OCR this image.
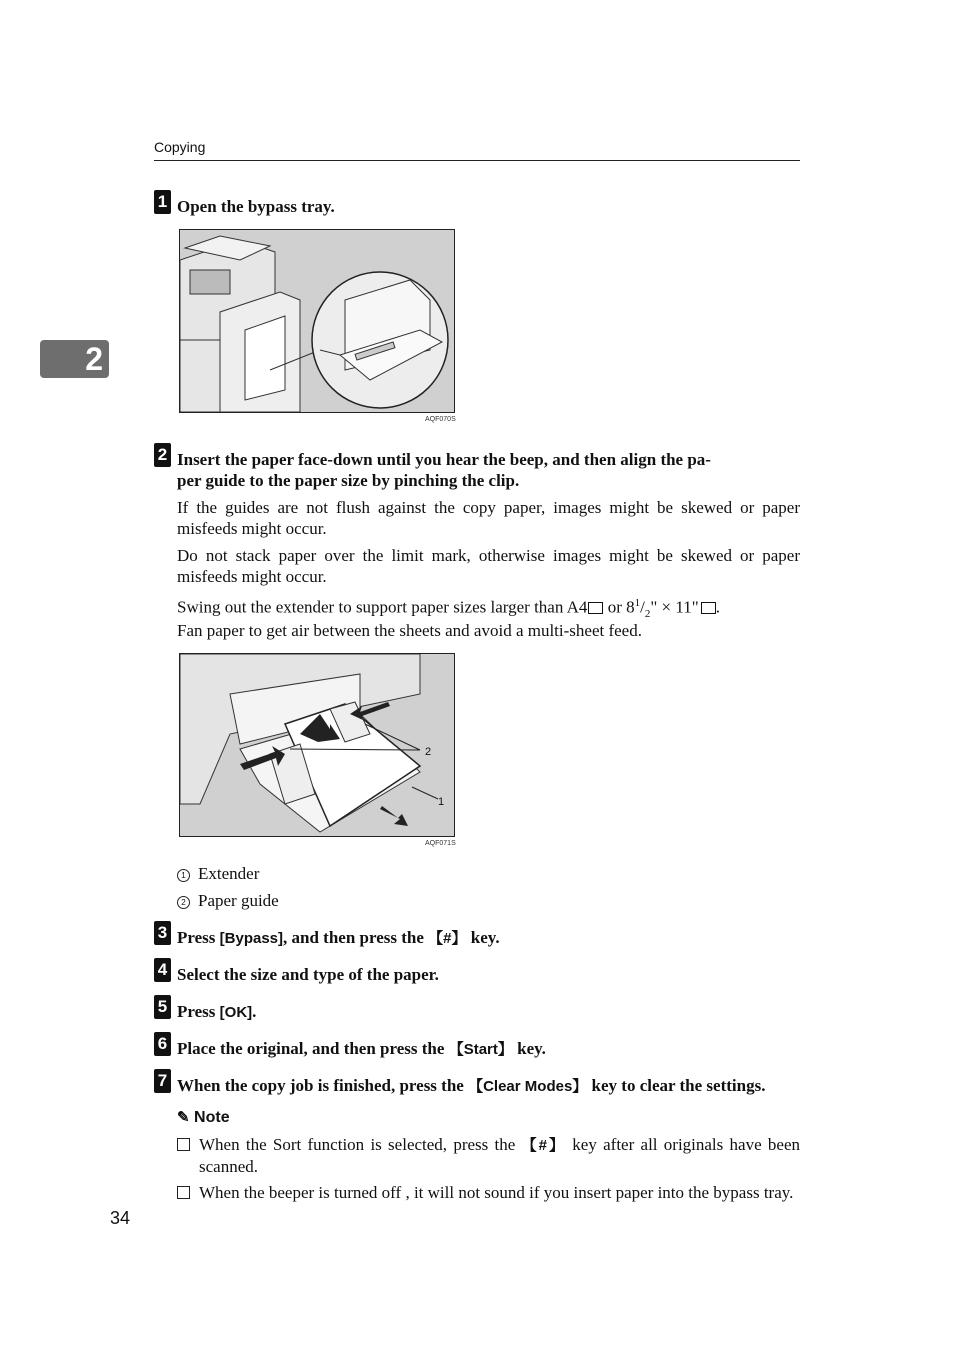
Copying
2
1 Open the bypass tray.
AQF070S
2 Insert the paper face-down until you hear the beep, and then align the pa-
per guide to the paper size by pinching the clip.
If the guides are not flush against the copy paper, images might be skewed or paper misfeeds might occur.
Do not stack paper over the limit mark, otherwise images might be skewed or paper misfeeds might occur.
Swing out the extender to support paper sizes larger than A4 or $8^1/_2$" × 11" .
Fan paper to get air between the sheets and avoid a multi-sheet feed.
2
1
AQF071S
1 Extender
2 Paper guide
3 Press [Bypass], and then press the 【#】 key.
4 Select the size and type of the paper.
5 Press [OK].
6 Place the original, and then press the 【Start】 key.
7 When the copy job is finished, press the 【Clear Modes】 key to clear the settings.
✎ Note
When the Sort function is selected, press the 【#】 key after all originals have been scanned.
When the beeper is turned off , it will not sound if you insert paper into the bypass tray.
34
